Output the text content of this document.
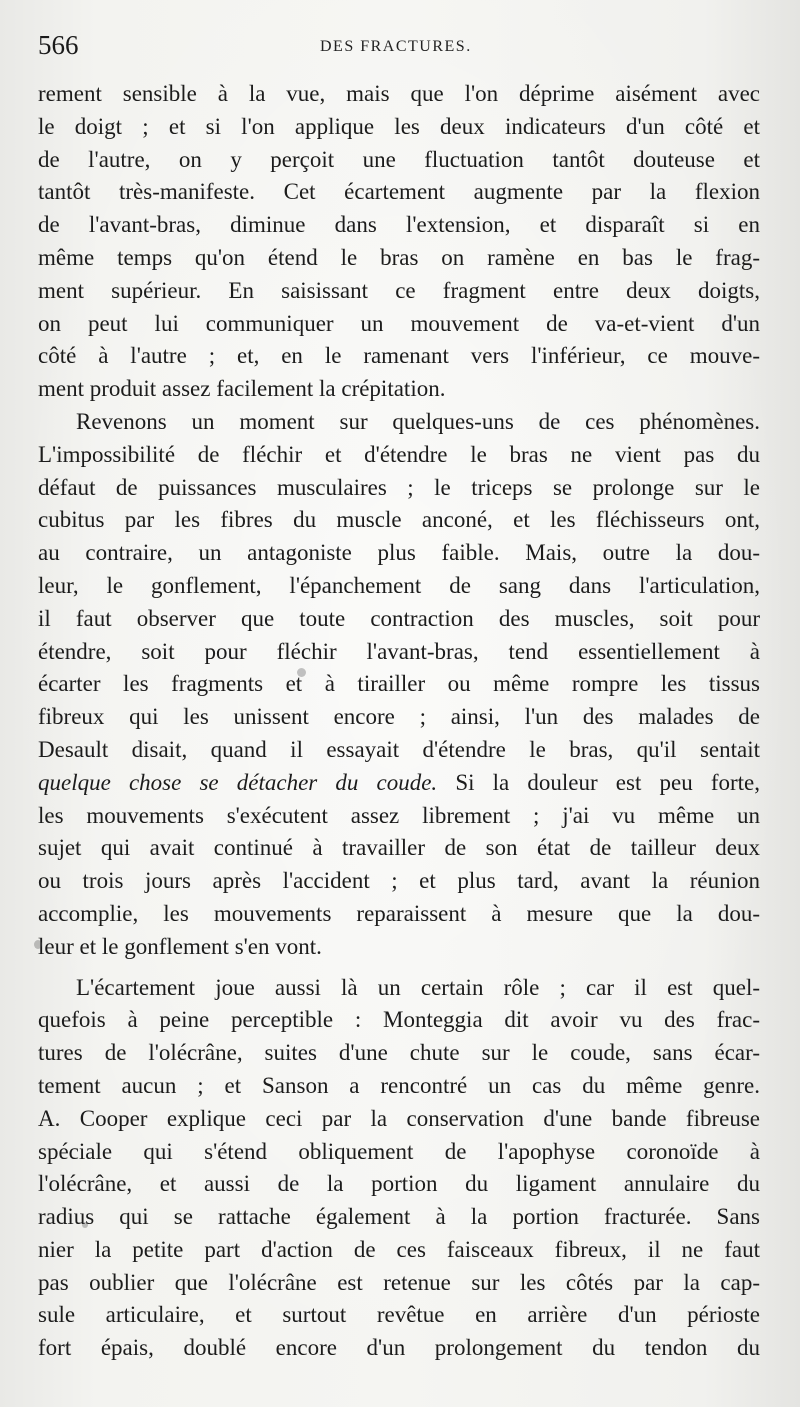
566	DES FRACTURES.
rement sensible à la vue, mais que l'on déprime aisément avec
le doigt ; et si l'on applique les deux indicateurs d'un côté et
de l'autre, on y perçoit une fluctuation tantôt douteuse et
tantôt très-manifeste. Cet écartement augmente par la flexion
de l'avant-bras, diminue dans l'extension, et disparaît si en
même temps qu'on étend le bras on ramène en bas le frag-
ment supérieur. En saisissant ce fragment entre deux doigts,
on peut lui communiquer un mouvement de va-et-vient d'un
côté à l'autre ; et, en le ramenant vers l'inférieur, ce mouve-
ment produit assez facilement la crépitation.
Revenons un moment sur quelques-uns de ces phénomènes.
L'impossibilité de fléchir et d'étendre le bras ne vient pas du
défaut de puissances musculaires ; le triceps se prolonge sur le
cubitus par les fibres du muscle anconé, et les fléchisseurs ont,
au contraire, un antagoniste plus faible. Mais, outre la dou-
leur, le gonflement, l'épanchement de sang dans l'articulation,
il faut observer que toute contraction des muscles, soit pour
étendre, soit pour fléchir l'avant-bras, tend essentiellement à
écarter les fragments et à tirailler ou même rompre les tissus
fibreux qui les unissent encore ; ainsi, l'un des malades de
Desault disait, quand il essayait d'étendre le bras, qu'il sentait
quelque chose se détacher du coude. Si la douleur est peu forte,
les mouvements s'exécutent assez librement ; j'ai vu même un
sujet qui avait continué à travailler de son état de tailleur deux
ou trois jours après l'accident ; et plus tard, avant la réunion
accomplie, les mouvements reparaissent à mesure que la dou-
leur et le gonflement s'en vont.
L'écartement joue aussi là un certain rôle ; car il est quel-
quefois à peine perceptible : Monteggia dit avoir vu des frac-
tures de l'olécrâne, suites d'une chute sur le coude, sans écar-
tement aucun ; et Sanson a rencontré un cas du même genre.
A. Cooper explique ceci par la conservation d'une bande fibreuse
spéciale qui s'étend obliquement de l'apophyse coronoïde à
l'olécrâne, et aussi de la portion du ligament annulaire du
radius qui se rattache également à la portion fracturée. Sans
nier la petite part d'action de ces faisceaux fibreux, il ne faut
pas oublier que l'olécrâne est retenue sur les côtés par la cap-
sule articulaire, et surtout revêtue en arrière d'un périoste
fort épais, doublé encore d'un prolongement du tendon du
